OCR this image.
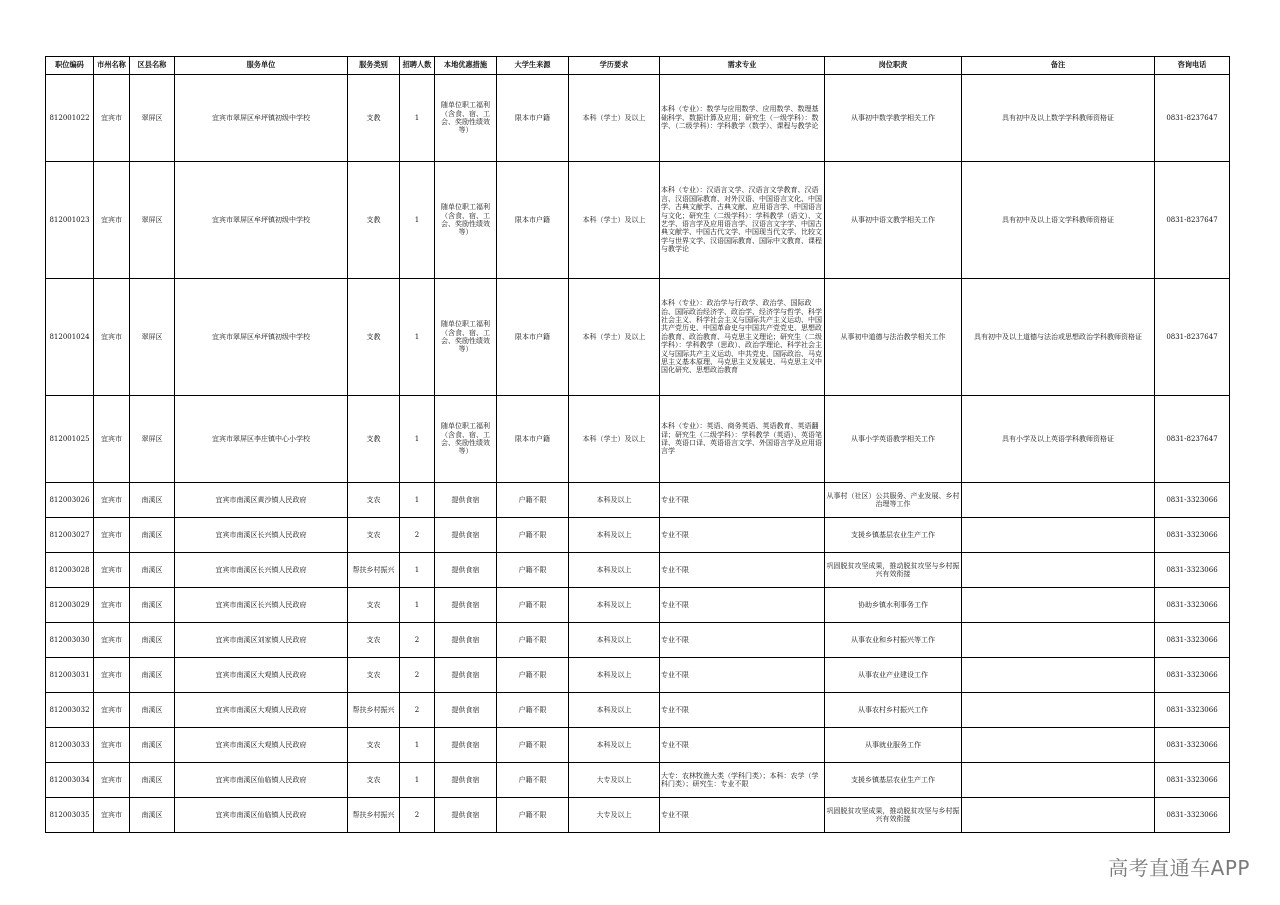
职位编码	市州名称	区县名称	服务单位	服务类别	招聘人数	本地优惠措施	大学生来源	学历要求	需求专业	岗位职责	备注	咨询电话
812001022	宜宾市	翠屏区	宜宾市翠屏区牟坪镇初级中学校	支教	1	随单位职工福利（含食、宿、工会、奖励性绩效等）	限本市户籍	本科（学士）及以上	本科（专业）：数学与应用数学、应用数学、数理基础科学、数据计算及应用；研究生（一级学科）：数学、（二级学科）：学科教学（数学）、课程与教学论	从事初中数学教学相关工作	具有初中及以上数学学科教师资格证	0831-8237647
812001023	宜宾市	翠屏区	宜宾市翠屏区牟坪镇初级中学校	支教	1	随单位职工福利（含食、宿、工会、奖励性绩效等）	限本市户籍	本科（学士）及以上	本科（专业）：汉语言文学、汉语言文学教育、汉语言、汉语国际教育、对外汉语、中国语言文化、中国学、古典文献学、古典文献、应用语言学、中国语言与文化；研究生（二级学科）：学科教学（语文）、文艺学、语言学及应用语言学、汉语言文字学、中国古典文献学、中国古代文学、中国现当代文学、比较文学与世界文学、汉语国际教育、国际中文教育、课程与教学论	从事初中语文教学相关工作	具有初中及以上语文学科教师资格证	0831-8237647
812001024	宜宾市	翠屏区	宜宾市翠屏区牟坪镇初级中学校	支教	1	随单位职工福利（含食、宿、工会、奖励性绩效等）	限本市户籍	本科（学士）及以上	本科（专业）：政治学与行政学、政治学、国际政治、国际政治经济学、政治学、经济学与哲学、科学社会主义、科学社会主义与国际共产主义运动、中国共产党历史、中国革命史与中国共产党党史、思想政治教育、政治教育、马克思主义理论；研究生（二级学科）：学科教学（思政）、政治学理论、科学社会主义与国际共产主义运动、中共党史、国际政治、马克思主义基本原理、马克思主义发展史、马克思主义中国化研究、思想政治教育	从事初中道德与法治教学相关工作	具有初中及以上道德与法治或思想政治学科教师资格证	0831-8237647
812001025	宜宾市	翠屏区	宜宾市翠屏区李庄镇中心小学校	支教	1	随单位职工福利（含食、宿、工会、奖励性绩效等）	限本市户籍	本科（学士）及以上	本科（专业）：英语、商务英语、英语教育、英语翻译；研究生（二级学科）：学科教学（英语）、英语笔译、英语口译、英语语言文学、外国语言学及应用语言学	从事小学英语教学相关工作	具有小学及以上英语学科教师资格证	0831-8237647
812003026	宜宾市	南溪区	宜宾市南溪区黄沙镇人民政府	支农	1	提供食宿	户籍不限	本科及以上	专业不限	从事村（社区）公共服务、产业发展、乡村治理等工作		0831-3323066
812003027	宜宾市	南溪区	宜宾市南溪区长兴镇人民政府	支农	2	提供食宿	户籍不限	本科及以上	专业不限	支援乡镇基层农业生产工作		0831-3323066
812003028	宜宾市	南溪区	宜宾市南溪区长兴镇人民政府	帮扶乡村振兴	1	提供食宿	户籍不限	本科及以上	专业不限	巩固脱贫攻坚成果，推动脱贫攻坚与乡村振兴有效衔接		0831-3323066
812003029	宜宾市	南溪区	宜宾市南溪区长兴镇人民政府	支农	1	提供食宿	户籍不限	本科及以上	专业不限	协助乡镇水利事务工作		0831-3323066
812003030	宜宾市	南溪区	宜宾市南溪区刘家镇人民政府	支农	2	提供食宿	户籍不限	本科及以上	专业不限	从事农业和乡村振兴等工作		0831-3323066
812003031	宜宾市	南溪区	宜宾市南溪区大观镇人民政府	支农	2	提供食宿	户籍不限	本科及以上	专业不限	从事农业产业建设工作		0831-3323066
812003032	宜宾市	南溪区	宜宾市南溪区大观镇人民政府	帮扶乡村振兴	2	提供食宿	户籍不限	本科及以上	专业不限	从事农村乡村振兴工作		0831-3323066
812003033	宜宾市	南溪区	宜宾市南溪区大观镇人民政府	支农	1	提供食宿	户籍不限	本科及以上	专业不限	从事就业服务工作		0831-3323066
812003034	宜宾市	南溪区	宜宾市南溪区仙临镇人民政府	支农	1	提供食宿	户籍不限	大专及以上	大专：农林牧渔大类（学科门类）；本科：农学（学科门类）；研究生：专业不限	支援乡镇基层农业生产工作		0831-3323066
812003035	宜宾市	南溪区	宜宾市南溪区仙临镇人民政府	帮扶乡村振兴	2	提供食宿	户籍不限	大专及以上	专业不限	巩固脱贫攻坚成果，推动脱贫攻坚与乡村振兴有效衔接		0831-3323066
高考直通车APP
